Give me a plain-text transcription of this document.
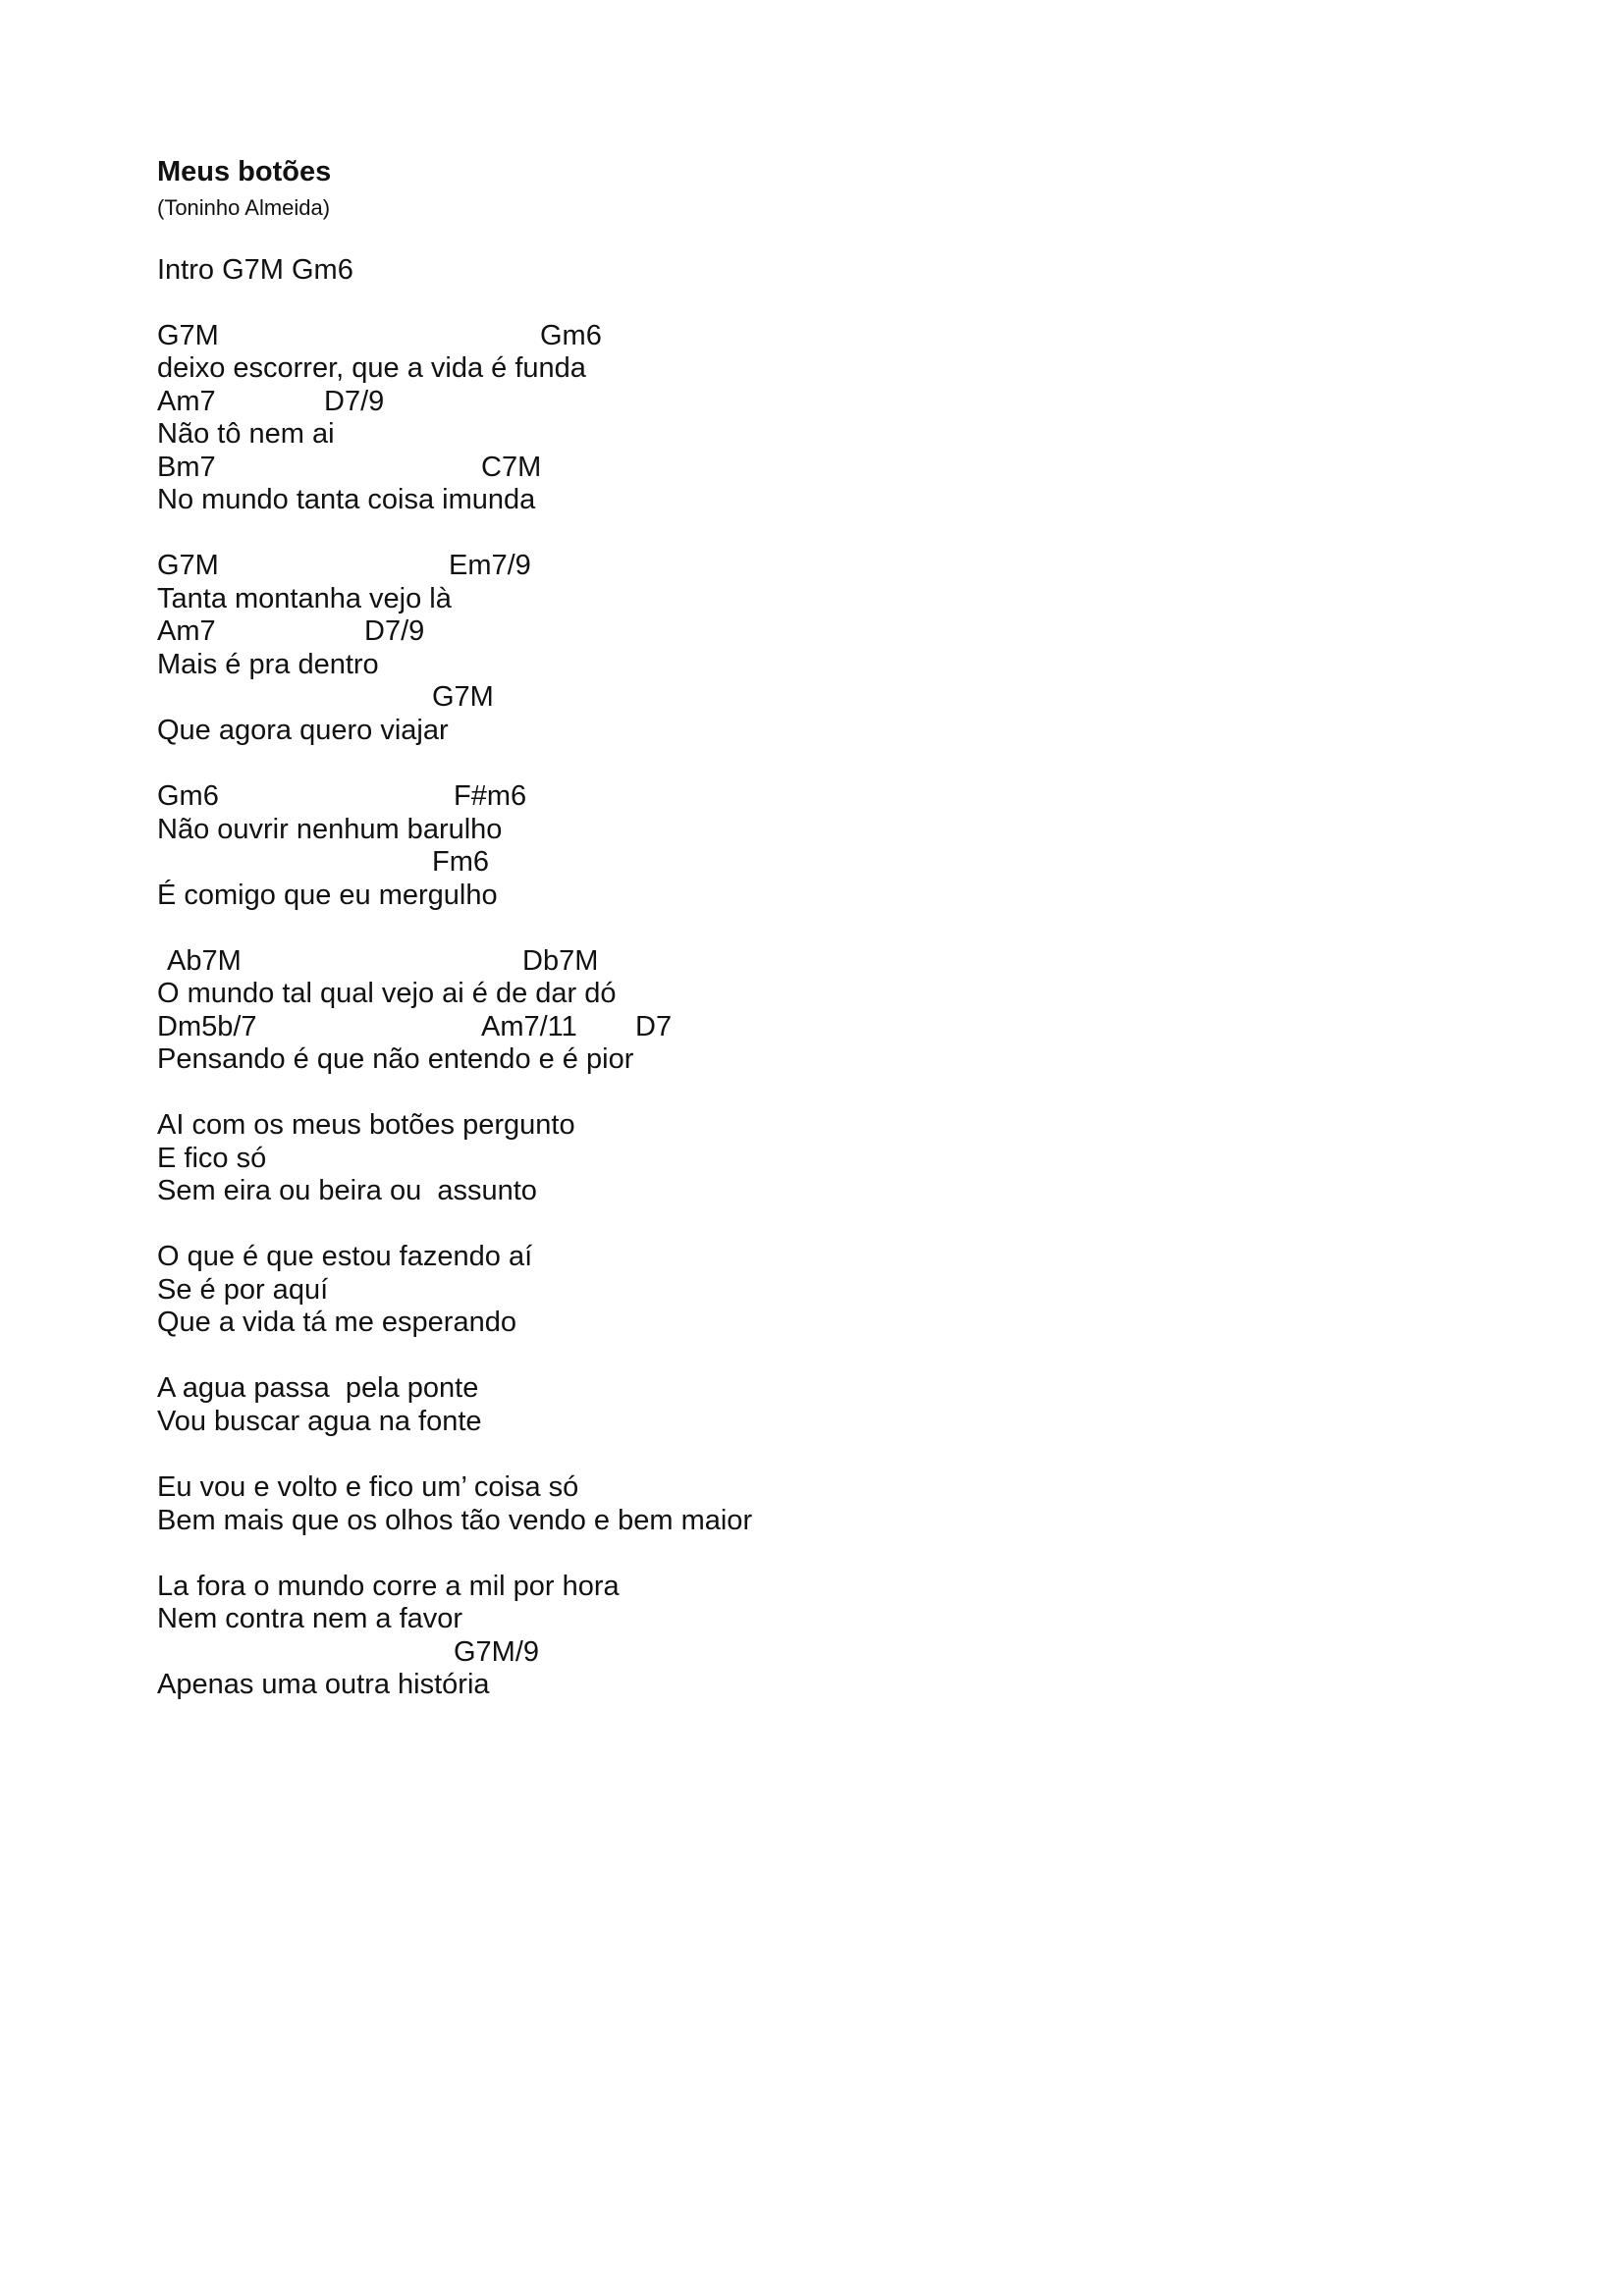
Meus botões
(Toninho Almeida)
Intro G7M Gm6

G7M

	Gm6

deixo escorrer, que a vida é funda

Am7

	D7/9

Não tô nem ai

Bm7

	C7M

No mundo tanta coisa imunda

G7M

	Em7/9

Tanta montanha vejo là

Am7

	D7/9

Mais é pra dentro

G7M

Que agora quero viajar

Gm6

	F#m6

Não ouvrir nenhum barulho

Fm6

É comigo que eu mergulho

Ab7M

	Db7M

O mundo tal qual vejo ai é de dar dó

Dm5b/7

	Am7/11

D7

Pensando é que não entendo e é pior
AI com os meus botões pergunto
E fico só
Sem eira ou beira ou  assunto
O que é que estou fazendo aí
Se é por aquí
Que a vida tá me esperando
A agua passa  pela ponte
Vou buscar agua na fonte
Eu vou e volto e fico um’ coisa só
Bem mais que os olhos tão vendo e bem maior
La fora o mundo corre a mil por hora
Nem contra nem a favor

G7M/9

Apenas uma outra história
